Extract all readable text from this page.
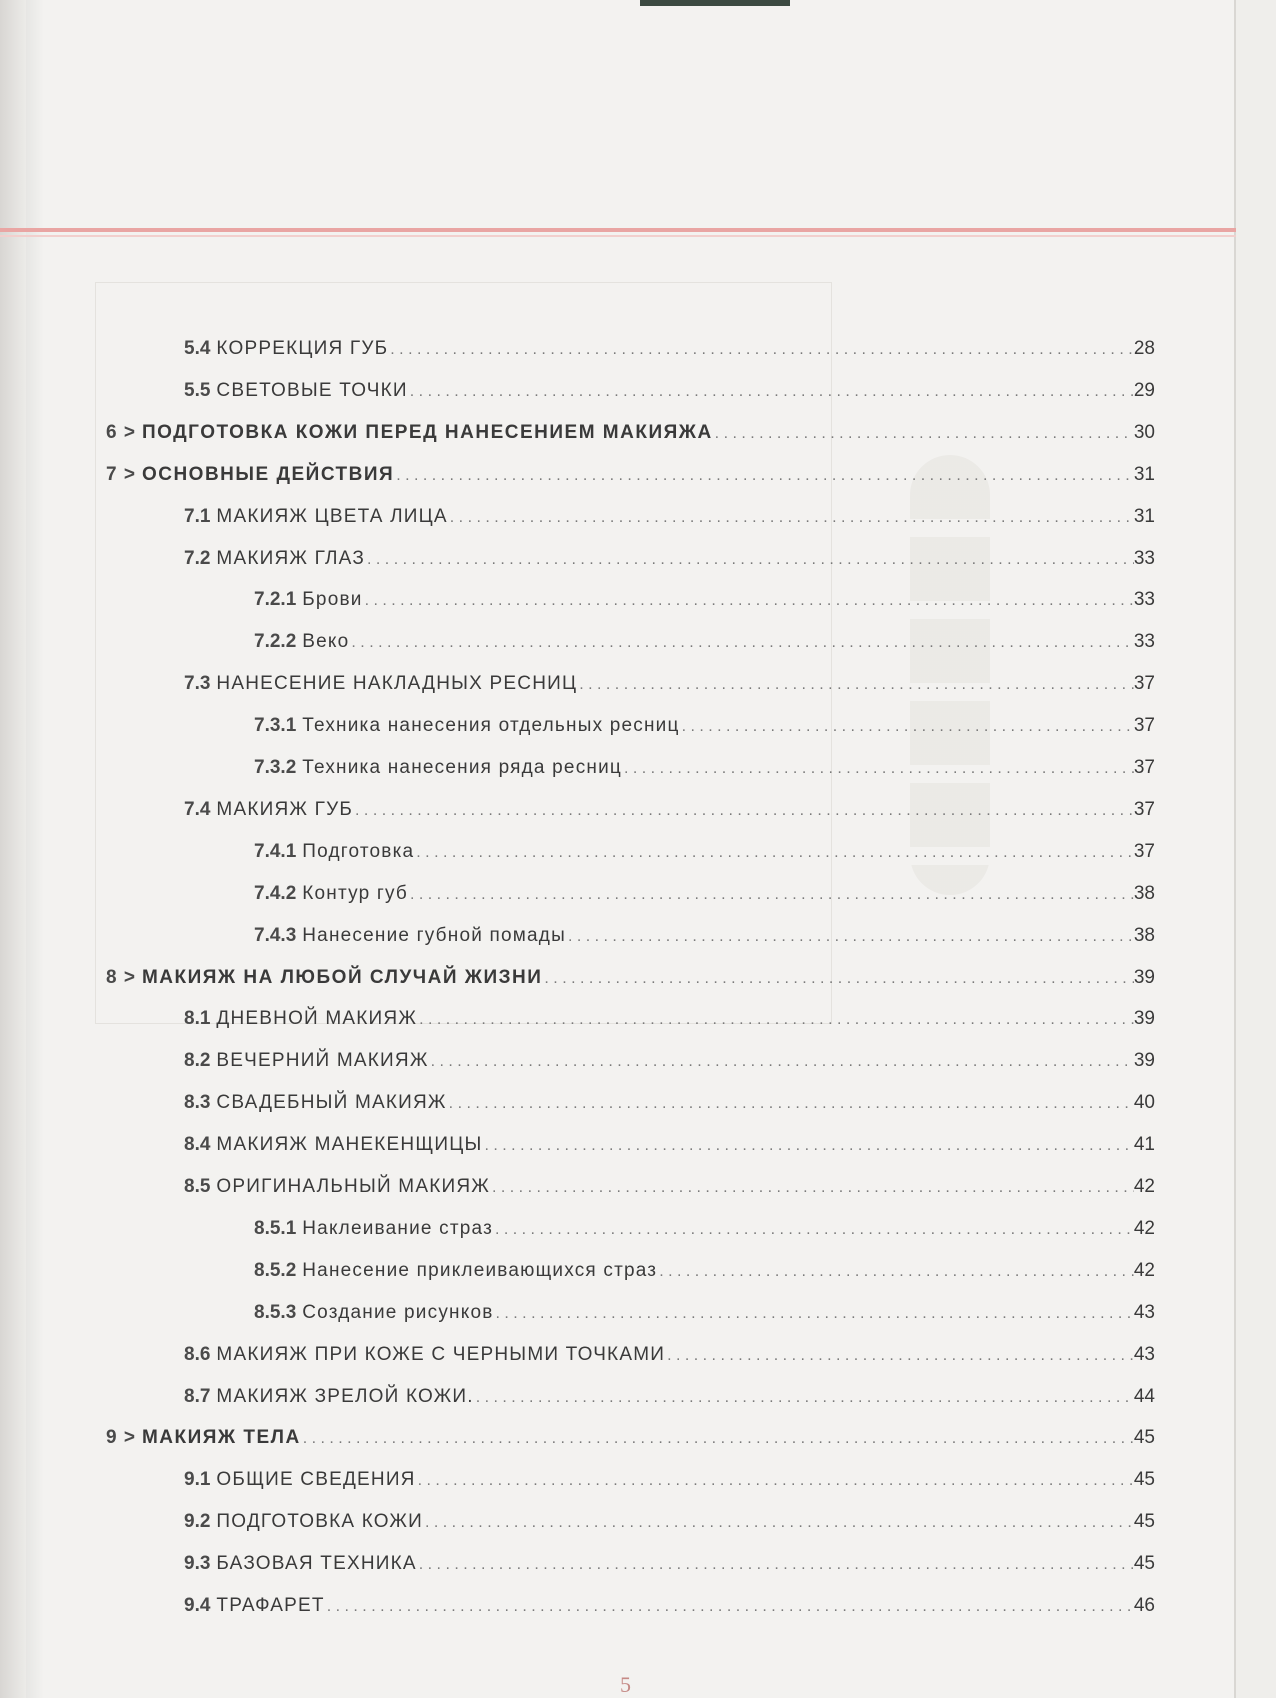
5.4 КОРРЕКЦИЯ ГУБ . . .	28
5.5 СВЕТОВЫЕ ТОЧКИ . . .	29
6 > ПОДГОТОВКА КОЖИ ПЕРЕД НАНЕСЕНИЕМ МАКИЯЖА . . .	30
7 > ОСНОВНЫЕ ДЕЙСТВИЯ . . .	31
7.1 МАКИЯЖ ЦВЕТА ЛИЦА . . .	31
7.2 МАКИЯЖ ГЛАЗ . . .	33
7.2.1 Брови . . .	33
7.2.2 Веко . . .	33
7.3 НАНЕСЕНИЕ НАКЛАДНЫХ РЕСНИЦ . . .	37
7.3.1 Техника нанесения отдельных ресниц . . .	37
7.3.2 Техника нанесения ряда ресниц . . .	37
7.4 МАКИЯЖ ГУБ . . .	37
7.4.1 Подготовка . . .	37
7.4.2 Контур губ . . .	38
7.4.3 Нанесение губной помады . . .	38
8 > МАКИЯЖ НА ЛЮБОЙ СЛУЧАЙ ЖИЗНИ . . .	39
8.1 ДНЕВНОЙ МАКИЯЖ . . .	39
8.2 ВЕЧЕРНИЙ МАКИЯЖ . . .	39
8.3 СВАДЕБНЫЙ МАКИЯЖ . . .	40
8.4 МАКИЯЖ МАНЕКЕНЩИЦЫ . . .	41
8.5 ОРИГИНАЛЬНЫЙ МАКИЯЖ . . .	42
8.5.1 Наклеивание страз . . .	42
8.5.2 Нанесение приклеивающихся страз . . .	42
8.5.3 Создание рисунков . . .	43
8.6 МАКИЯЖ ПРИ КОЖЕ С ЧЕРНЫМИ ТОЧКАМИ . . .	43
8.7 МАКИЯЖ ЗРЕЛОЙ КОЖИ. . . .	44
9 > МАКИЯЖ ТЕЛА . . .	45
9.1 ОБЩИЕ СВЕДЕНИЯ . . .	45
9.2 ПОДГОТОВКА КОЖИ . . .	45
9.3 БАЗОВАЯ ТЕХНИКА . . .	45
9.4 ТРАФАРЕТ . . .	46
5
